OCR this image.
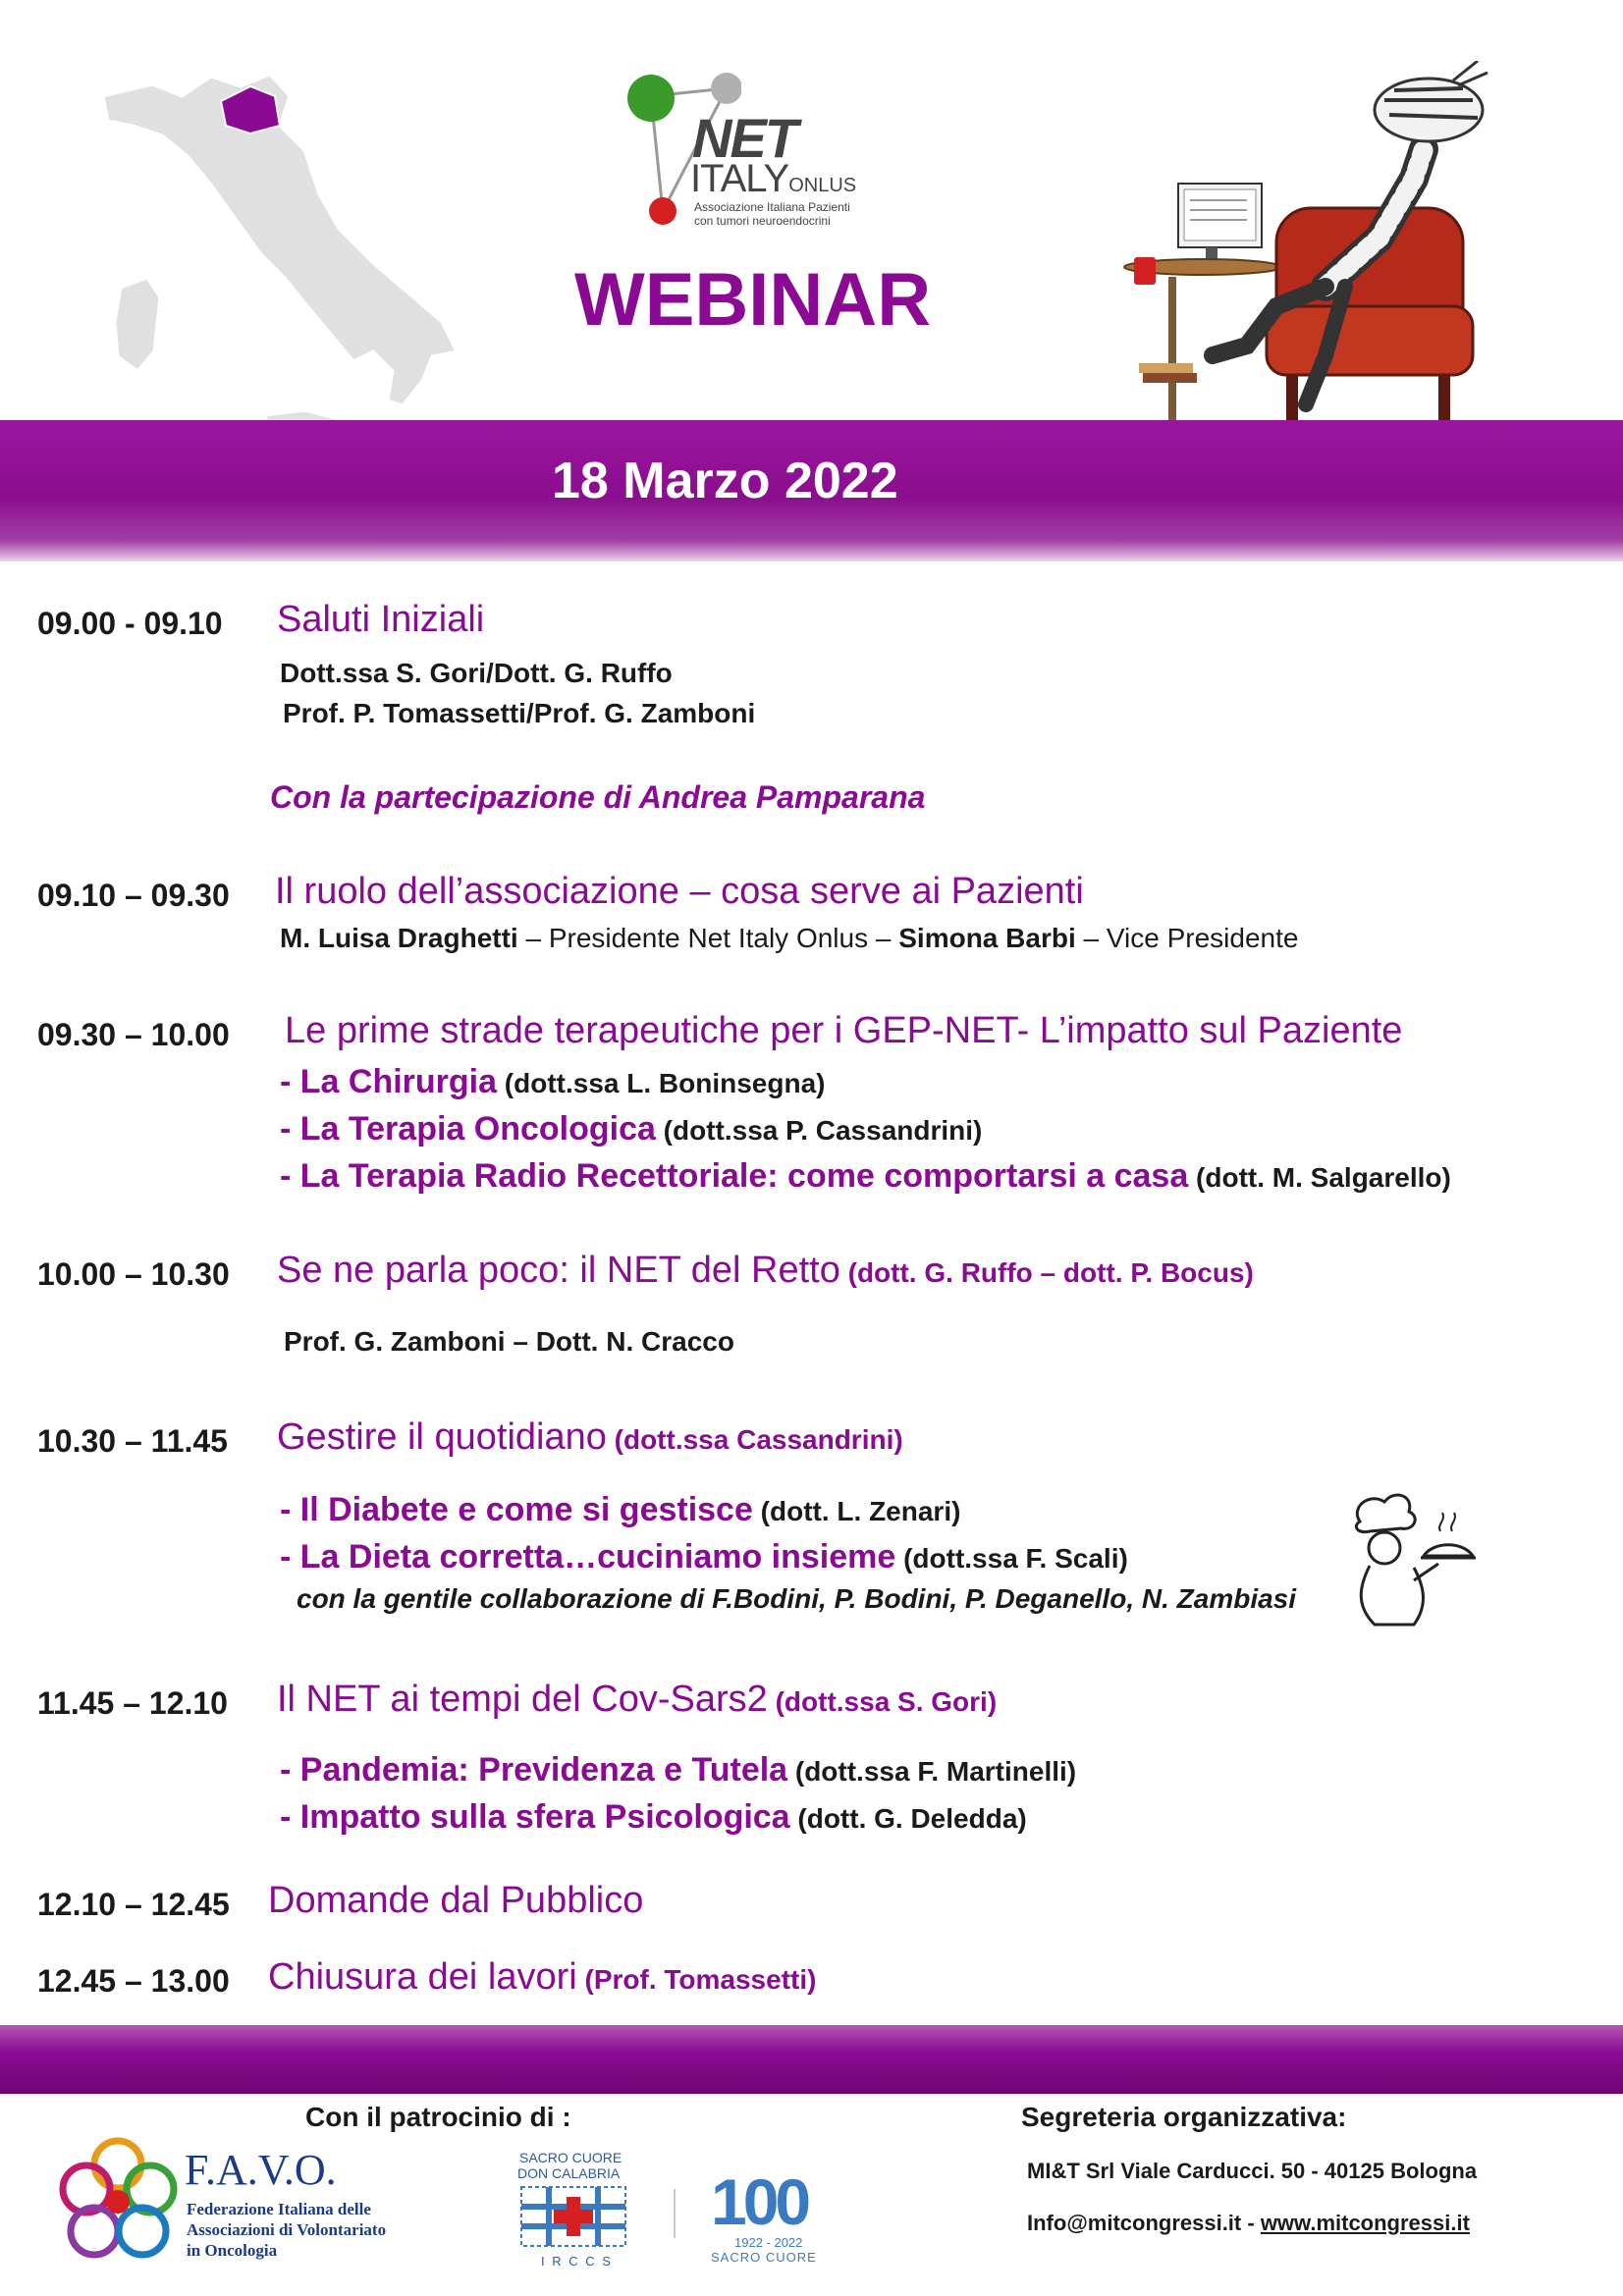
NET
ITALYONLUS
Associazione Italiana Pazienti
con tumori neuroendocrini
WEBINAR
18 Marzo 2022
09.00 - 09.10 Saluti Iniziali
Dott.ssa S. Gori/Dott. G. Ruffo
Prof. P. Tomassetti/Prof. G. Zamboni
Con la partecipazione di Andrea Pamparana
09.10 – 09.30 Il ruolo dell’associazione – cosa serve ai Pazienti
M. Luisa Draghetti – Presidente Net Italy Onlus – Simona Barbi – Vice Presidente
09.30 – 10.00 Le prime strade terapeutiche per i GEP-NET- L’impatto sul Paziente
- La Chirurgia (dott.ssa L. Boninsegna)
- La Terapia Oncologica (dott.ssa P. Cassandrini)
- La Terapia Radio Recettoriale: come comportarsi a casa (dott. M. Salgarello)
10.00 – 10.30 Se ne parla poco: il NET del Retto (dott. G. Ruffo – dott. P. Bocus)
Prof. G. Zamboni – Dott. N. Cracco
10.30 – 11.45 Gestire il quotidiano (dott.ssa Cassandrini)
- Il Diabete e come si gestisce (dott. L. Zenari)
- La Dieta corretta…cuciniamo insieme (dott.ssa F. Scali)
con la gentile collaborazione di F.Bodini, P. Bodini, P. Deganello, N. Zambiasi
11.45 – 12.10 Il NET ai tempi del Cov-Sars2 (dott.ssa S. Gori)
- Pandemia: Previdenza e Tutela (dott.ssa F. Martinelli)
- Impatto sulla sfera Psicologica (dott. G. Deledda)
12.10 – 12.45 Domande dal Pubblico
12.45 – 13.00 Chiusura dei lavori (Prof. Tomassetti)
Con il patrocinio di :
F.A.V.O.
Federazione Italiana delle
Associazioni di Volontariato
in Oncologia
SACRO CUORE
DON CALABRIA
I R C C S
100
1922 - 2022
SACRO CUORE
Segreteria organizzativa:
MI&T Srl Viale Carducci. 50 - 40125 Bologna
Info@mitcongressi.it - www.mitcongressi.it
